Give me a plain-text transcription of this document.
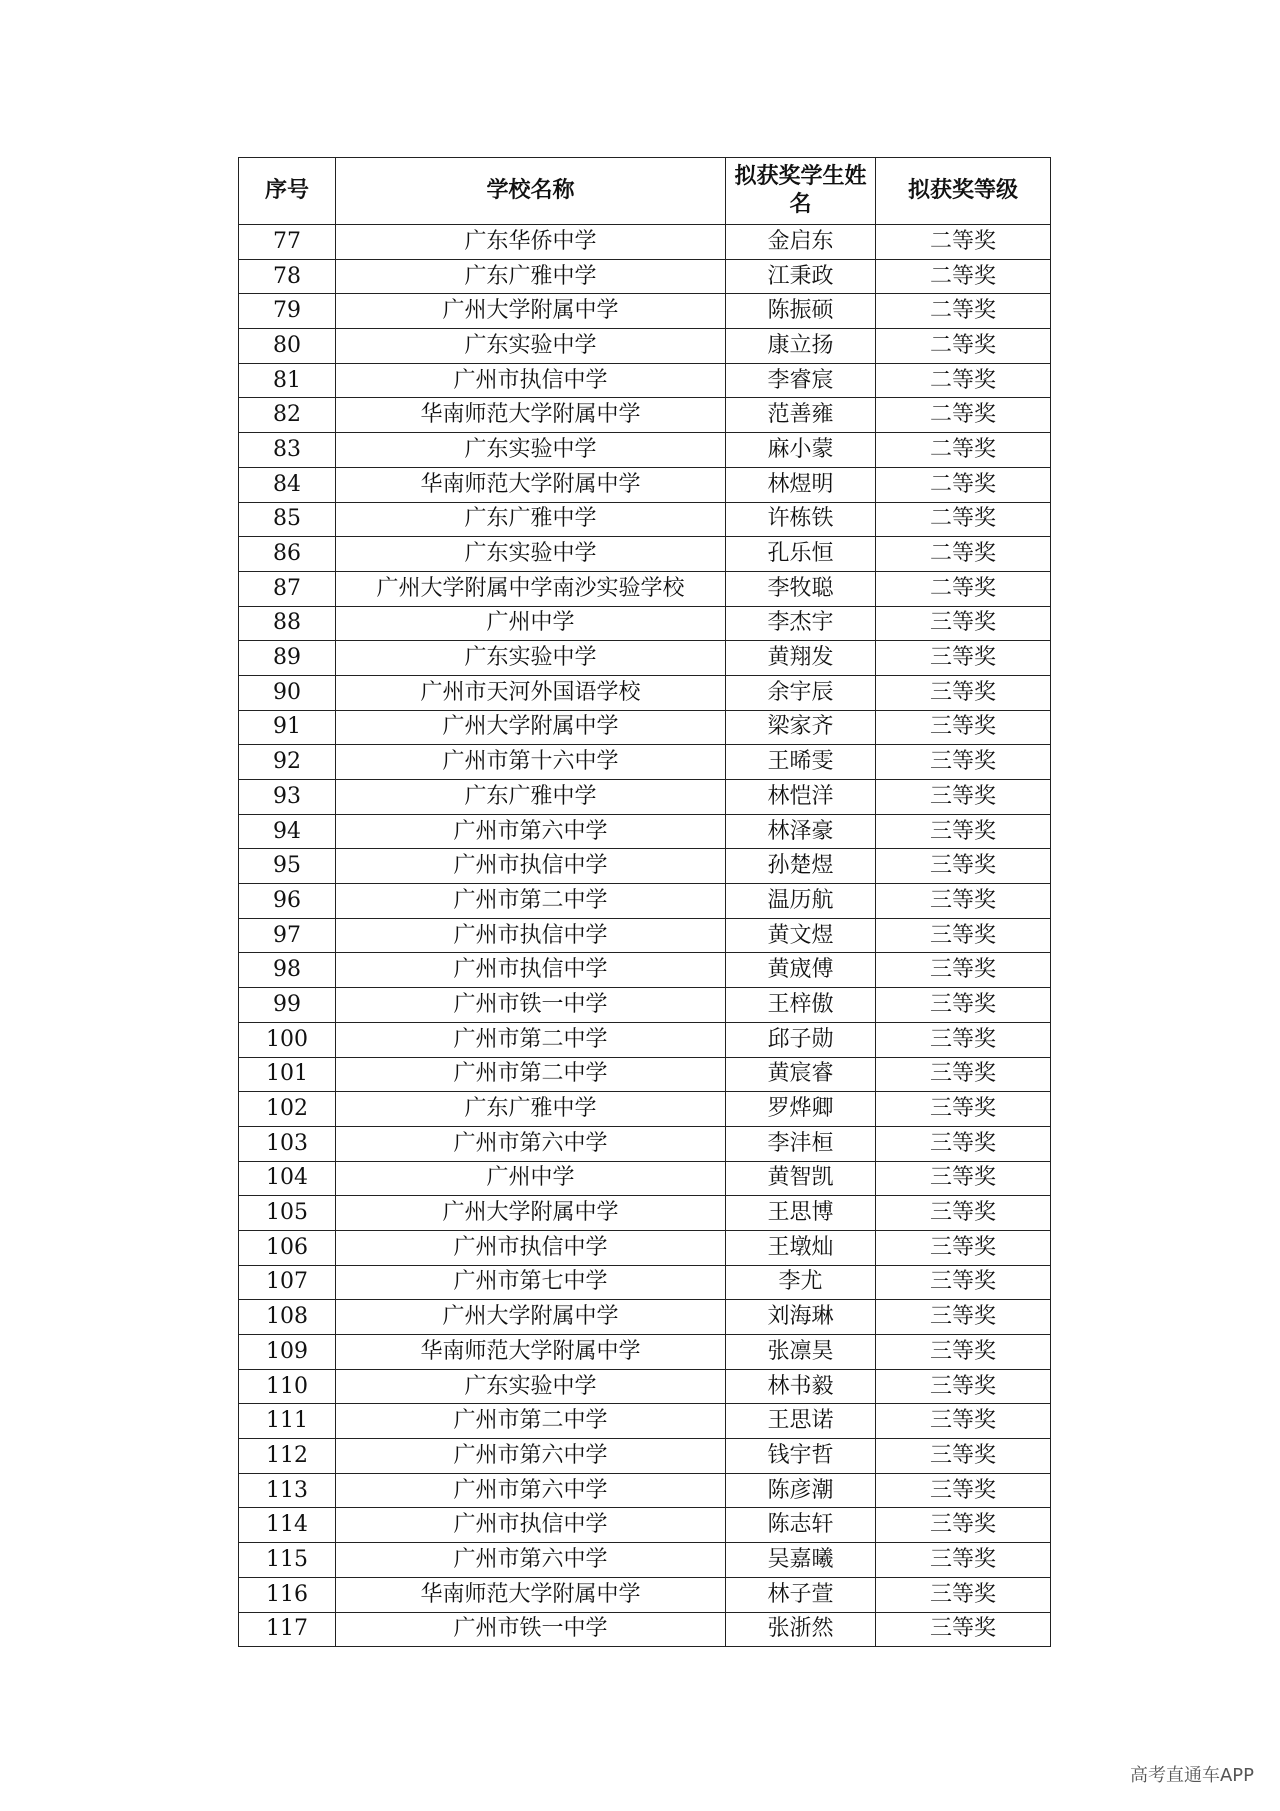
序号	学校名称	拟获奖学生姓名	拟获奖等级
77	广东华侨中学	金启东	二等奖
78	广东广雅中学	江秉政	二等奖
79	广州大学附属中学	陈振硕	二等奖
80	广东实验中学	康立扬	二等奖
81	广州市执信中学	李睿宸	二等奖
82	华南师范大学附属中学	范善雍	二等奖
83	广东实验中学	麻小蒙	二等奖
84	华南师范大学附属中学	林煜明	二等奖
85	广东广雅中学	许栋铁	二等奖
86	广东实验中学	孔乐恒	二等奖
87	广州大学附属中学南沙实验学校	李牧聪	二等奖
88	广州中学	李杰宇	三等奖
89	广东实验中学	黄翔发	三等奖
90	广州市天河外国语学校	余宇辰	三等奖
91	广州大学附属中学	梁家齐	三等奖
92	广州市第十六中学	王晞雯	三等奖
93	广东广雅中学	林恺洋	三等奖
94	广州市第六中学	林泽豪	三等奖
95	广州市执信中学	孙楚煜	三等奖
96	广州市第二中学	温历航	三等奖
97	广州市执信中学	黄文煜	三等奖
98	广州市执信中学	黄宬傅	三等奖
99	广州市铁一中学	王梓傲	三等奖
100	广州市第二中学	邱子勋	三等奖
101	广州市第二中学	黄宸睿	三等奖
102	广东广雅中学	罗烨卿	三等奖
103	广州市第六中学	李沣桓	三等奖
104	广州中学	黄智凯	三等奖
105	广州大学附属中学	王思博	三等奖
106	广州市执信中学	王墩灿	三等奖
107	广州市第七中学	李尤	三等奖
108	广州大学附属中学	刘海琳	三等奖
109	华南师范大学附属中学	张凛昊	三等奖
110	广东实验中学	林书毅	三等奖
111	广州市第二中学	王思诺	三等奖
112	广州市第六中学	钱宇哲	三等奖
113	广州市第六中学	陈彦潮	三等奖
114	广州市执信中学	陈志轩	三等奖
115	广州市第六中学	吴嘉曦	三等奖
116	华南师范大学附属中学	林子萱	三等奖
117	广州市铁一中学	张浙然	三等奖
高考直通车APP
